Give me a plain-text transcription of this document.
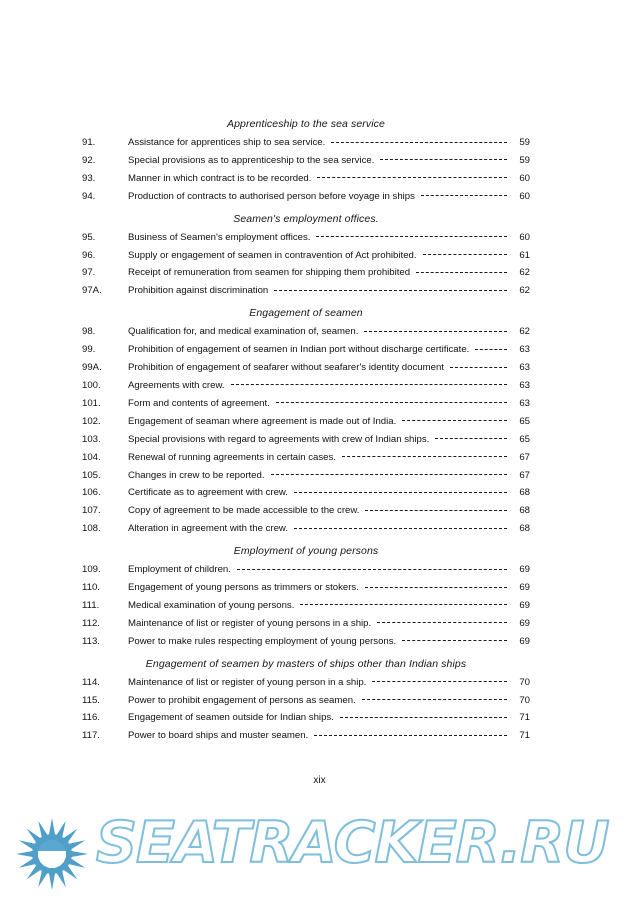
Apprenticeship to the sea service
91.	Assistance for apprentices ship to sea service.	59
92.	Special provisions as to apprenticeship to the sea service.	59
93.	Manner in which contract is to be recorded.	60
94.	Production of contracts to authorised person before voyage in ships	60
Seamen's employment offices.
95.	Business of Seamen's employment offices.	60
96.	Supply or engagement of seamen in contravention of Act prohibited.	61
97.	Receipt of remuneration from seamen for shipping them prohibited	62
97A.	Prohibition against discrimination	62
Engagement of seamen
98.	Qualification for, and medical examination of, seamen.	62
99.	Prohibition of engagement of seamen in Indian port without discharge certificate.	63
99A.	Prohibition of engagement of seafarer without seafarer's identity document	63
100.	Agreements with crew.	63
101.	Form and contents of agreement.	63
102.	Engagement of seaman where agreement is made out of India.	65
103.	Special provisions with regard to agreements with crew of Indian ships.	65
104.	Renewal of running agreements in certain cases.	67
105.	Changes in crew to be reported.	67
106.	Certificate as to agreement with crew.	68
107.	Copy of agreement to be made accessible to the crew.	68
108.	Alteration in agreement with the crew.	68
Employment of young persons
109.	Employment of children.	69
110.	Engagement of young persons as trimmers or stokers.	69
111.	Medical examination of young persons.	69
112.	Maintenance of list or register of young persons in a ship.	69
113.	Power to make rules respecting employment of young persons.	69
Engagement of seamen by masters of ships other than Indian ships
114.	Maintenance of list or register of young person in a ship.	70
115.	Power to prohibit engagement of persons as seamen.	70
116.	Engagement of seamen outside for Indian ships.	71
117.	Power to board ships and muster seamen.	71
xix
SEATRACKER.RU
